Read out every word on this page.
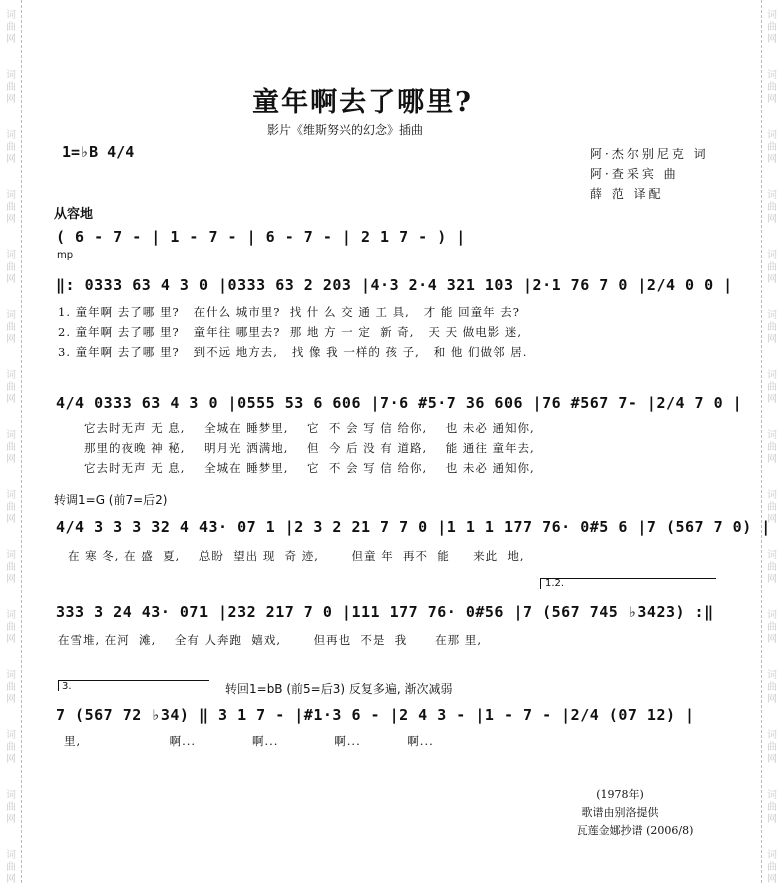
词
曲
网
词
曲
网
词
曲
网
词
曲
网
词
曲
网
词
曲
网
词
曲
网
词
曲
网
词
曲
网
词
曲
网
词
曲
网
词
曲
网
词
曲
网
词
曲
网
词
曲
网
词
曲
网
词
曲
网
词
曲
网
词
曲
网
词
曲
网
词
曲
网
词
曲
网
词
曲
网
词
曲
网
词
曲
网
词
曲
网
词
曲
网
词
曲
网
词
曲
网
词
曲
网
童年啊去了哪里?
影片《维斯努兴的幻念》插曲
1=♭B 4/4	阿·杰尔别尼克 词
阿·查采宾 曲
薛 范 译配
从容地
mp
( 6 - 7 - | 1 - 7 - | 6 - 7 - | 2 1 7 - ) |
‖: 0333 63 4 3 0 |0333 63 2 203 |4·3 2·4 321 103 |2·1 76 7 0 |2/4 0 0 |
1. 童年啊 去了哪 里?   在什么 城市里?  找 什 么 交 通 工 具,   才 能 回童年 去?
2. 童年啊 去了哪 里?   童年往 哪里去?  那 地 方 一 定  新 奇,   天 天 做电影 迷,
3. 童年啊 去了哪 里?   到不远 地方去,   找 像 我 一样的 孩 子,   和 他 们做邻 居.
4/4 0333 63 4 3 0 |0555 53 6 606 |7·6 #5·7 36 606 |76 #567 7- |2/4 7 0 |
它去时无声 无 息,    全城在 睡梦里,    它  不 会 写 信 给你,    也 未必 通知你,
那里的夜晚 神 秘,    明月光 洒满地,    但  今 后 没 有 道路,    能 通往 童年去,
它去时无声 无 息,    全城在 睡梦里,    它  不 会 写 信 给你,    也 未必 通知你,
转调1=G (前7=后2)
4/4 3 3 3 32 4 43· 07 1 |2 3 2 21 7 7 0 |1 1 1 177 76· 0#5 6 |7 (567 7 0) |
在 寒 冬, 在 盛  夏,    总盼  望出 现  奇 迹,       但童 年  再不  能     来此  地,
1.2.
333 3 24 43· 071 |232 217 7 0 |111 177 76· 0#56 |7 (567 745 ♭3423) :‖
在雪堆, 在河  滩,    全有 人奔跑  嬉戏,       但再也  不是  我      在那 里,
3.	转回1=bB (前5=后3) 反复多遍, 渐次减弱
7 (567 72 ♭34) ‖ 3 1 7 - |#1·3 6 - |2 4 3 - |1 - 7 - |2/4 (07 12) |
里,                   啊...            啊...            啊...          啊...
(1978年)
歌谱由别洛提供
瓦莲金娜抄谱 (2006/8)
